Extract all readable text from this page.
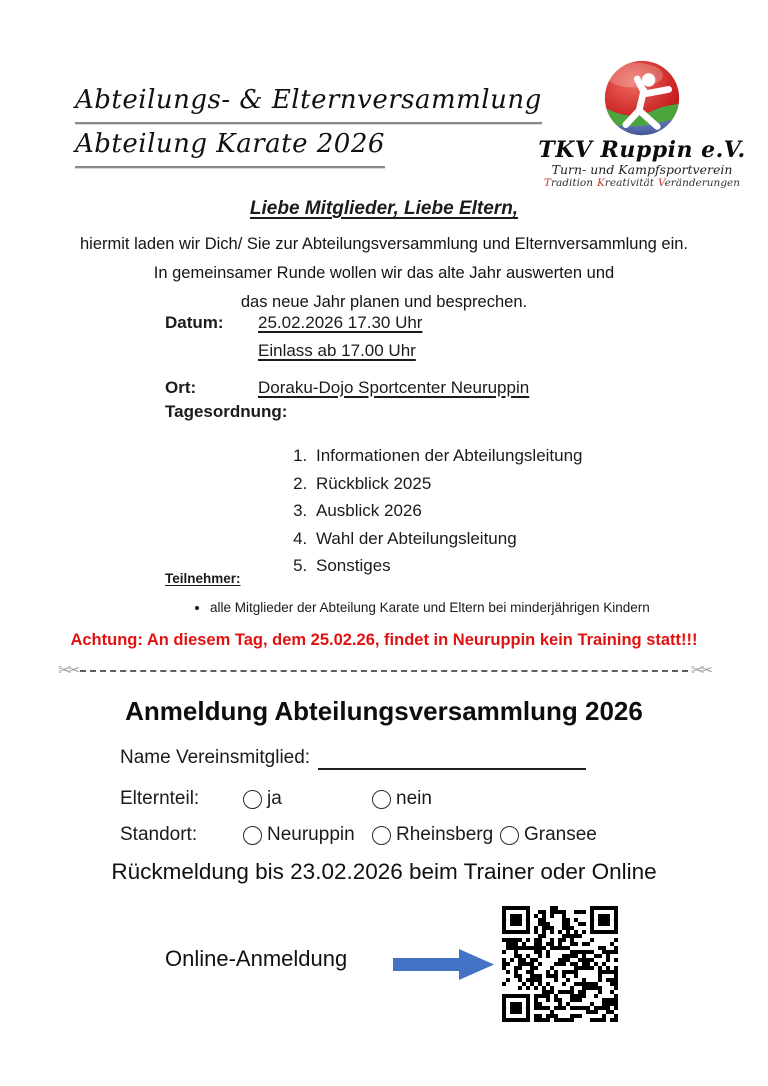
Abteilungs- & Elternversammlung
Abteilung Karate 2026	TKV Ruppin e.V.
Turn- und Kampfsportverein
Tradition Kreativität Veränderungen
Liebe Mitglieder, Liebe Eltern,
hiermit laden wir Dich/ Sie zur Abteilungsversammlung und Elternversammlung ein.
In gemeinsamer Runde wollen wir das alte Jahr auswerten und
das neue Jahr planen und besprechen.
Datum:	25.02.2026 17.30 Uhr
Einlass ab 17.00 Uhr
Ort:	Doraku-Dojo Sportcenter Neuruppin
Tagesordnung:
1. Informationen der Abteilungsleitung
2. Rückblick 2025
3. Ausblick 2026
4. Wahl der Abteilungsleitung
5. Sonstiges
Teilnehmer:
• alle Mitglieder der Abteilung Karate und Eltern bei minderjährigen Kindern
Achtung: An diesem Tag, dem 25.02.26, findet in Neuruppin kein Training statt!!!
✂✂	✂✂
Anmeldung Abteilungsversammlung 2026
Name Vereinsmitglied:
Elternteil:	ja	nein
Standort:	Neuruppin Rheinsberg Gransee
Rückmeldung bis 23.02.2026 beim Trainer oder Online
Online-Anmeldung
